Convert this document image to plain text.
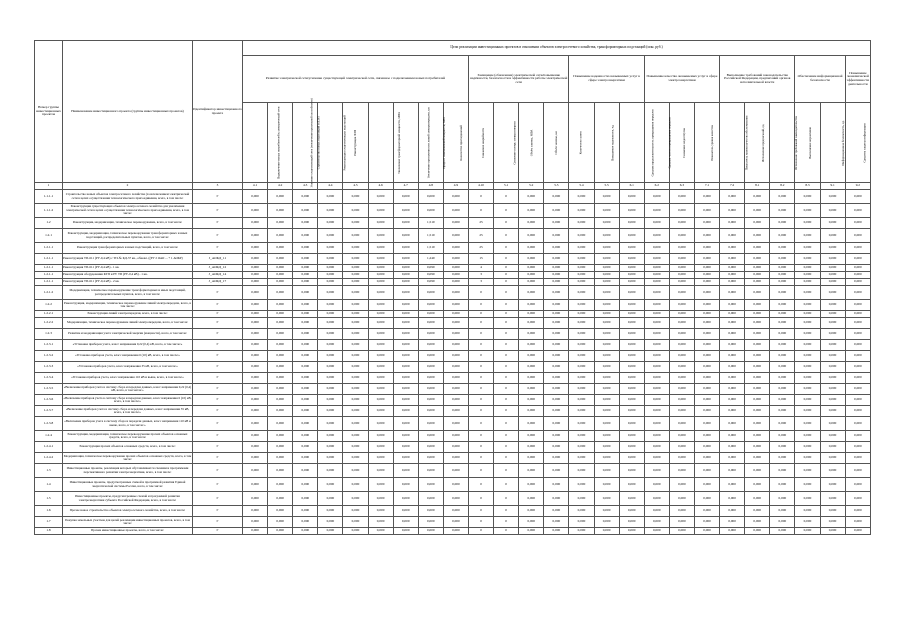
Номер группы инвестиционных проектов	Наименование инвестиционного проекта (группы инвестиционных проектов)	Идентификатор инвестиционного проекта	Цели реализации инвестиционных проектов в отношении объектов электросетевого хозяйства, трансформаторных подстанций (млн. руб.)																								
			Развитие электрической сети/усиление существующей электрической сети, связанное с подключением новых потребителей									Замещение (обновление) электрической сети/повышение надёжности, безопасности и эффективности работы электрической сети				Повышение надежности оказываемых услуг в сфере электроэнергетики			Повышение качества оказываемых услуг в сфере электроэнергетики			Выполнение требований законодательства Российской Федерации, предписаний органов исполнительной власти			Обеспечение информационной безопасности		Повышение экономической эффективности деятельности
			Подключение новых потребителей к электрической сети	Усиление существующей сети (увеличение пропускной способности)	Строительство новых подстанций и ЛЭП	Реконструкция существующих подстанций	Реконструкция ЛЭП	Увеличение трансформаторной мощности, МВА	Увеличение протяженности линий электропередачи, км	Прирост максимальной мощности, МВт	Количество присоединений	Снижение аварийности	Снижение потерь электроэнергии	Объём замены, МВА	Объём замены, км	Количество замен	Повышение надежности, ед.	Средняя продолжительность прекращения передачи	Средняя частота прекращения передачи	Снижение недоотпуска	Показатель уровня качества	Показатель уровня качества обслуживания	Исполнение предписаний, ед.	Исполнение требований законодательства	Выполнение нормативов	Информационная безопасность, ед.	Средства защиты информации
1	2	3	4.1	4.2	4.3	4.4	4.5	4.6	4.7	4.8	4.9	4.10	5.1	5.2	5.3	5.4	5.5	6.1	6.2	6.3	7.1	7.2	8.1	8.2	8.3	9.1	9.2
1.1.1.1	Строительство новых объектов электросетевого хозяйства (за исключением электрической сети в целях осуществления технологического присоединения, всего, в том числе:	Г	0,000	0,000	0,000	0,000	0,000	0,000	0,000	0,000	0,000	0	0	0,000	0,000	0,000	0,000	0,000	0,000	0,000	0,000	0,000	0,000	0,000	0,000	0,000	0,000
1.1.1.2	Реконструкция существующих объектов электросетевого хозяйства для увеличения электрической сети в целях осуществления технологического присоединения, всего, в том числе:	Г	0,000	0,000	0,000	0,000	0,000	0,000	0,000	0,000	0,000	0	0	0,000	0,000	0,000	0,000	0,000	0,000	0,000	0,000	0,000	0,000	0,000	0,000	0,000	0,000
1.2	Реконструкция, модернизация, техническое перевооружение, всего, в том числе:	Г	0,000	0,000	0,000	0,000	0,000	0,000	0,000	1,510	0,000	25	0	0,000	0,000	0,000	0,000	0,000	0,000	0,000	0,000	0,000	0,000	0,000	0,000	0,000	0,000
1.2.1	Реконструкция, модернизация, техническое перевооружение трансформаторных и иных подстанций, распределительных пунктов, всего, в том числе:	Г	0,000	0,000	0,000	0,000	0,000	0,000	0,000	1,510	0,000	25	0	0,000	0,000	0,000	0,000	0,000	0,000	0,000	0,000	0,000	0,000	0,000	0,000	0,000	0,000
1.2.1.1	Реконструкция трансформаторных и иных подстанций, всего, в том числе:	Г	0,000	0,000	0,000	0,000	0,000	0,000	0,000	1,510	0,000	25	0	0,000	0,000	0,000	0,000	0,000	0,000	0,000	0,000	0,000	0,000	0,000	0,000	0,000	0,000
1.2.1.1	Реконструкция ТП-611 (РУ-0,4 кВ) с ТП-№ КД-37 кв., обновл. ((РУ 2 ОАО ... + 1 АОКР)	J_АОКД_11	0,000	0,000	0,000	0,000	0,000	0,000	0,000	1,240	0,000	15	0	0,000	0,000	0,000	0,000	0,000	0,000	0,000	0,000	0,000	0,000	0,000	0,000	0,000	0,000
1.2.1.1	Реконструкция ТП-611 (РУ-0,4 кВ) - 1 кв.	J_АОКД_12	0,000	0,000	0,000	0,000	0,000	0,000	0,000	0,090	0,000	4	0	0,000	0,000	0,000	0,000	0,000	0,000	0,000	0,000	0,000	0,000	0,000	0,000	0,000	0,000
1.2.1.1	Реконструкция оборудования КТП и РУ ТП (РУ-0,4 кВ) - 1 кв.	J_АОКД_14	0,000	0,000	0,000	0,000	0,000	0,000	0,000	0,090	0,000	3	0	0,000	0,000	0,000	0,000	0,000	0,000	0,000	0,000	0,000	0,000	0,000	0,000	0,000	0,000
1.2.1.1	Реконструкция ТП-611 (РУ-0,4 кВ) - 2 кв.	J_АОКД_17	0,000	0,000	0,000	0,000	0,000	0,000	0,000	0,090	0,000	3	0	0,000	0,000	0,000	0,000	0,000	0,000	0,000	0,000	0,000	0,000	0,000	0,000	0,000	0,000
1.2.1.2	Модернизация, техническое перевооружение трансформаторных и иных подстанций, распределительных пунктов, всего, в том числе:	Г	0,000	0,000	0,000	0,000	0,000	0,000	0,000	0,000	0,000	0	0	0,000	0,000	0,000	0,000	0,000	0,000	0,000	0,000	0,000	0,000	0,000	0,000	0,000	0,000
1.2.2	Реконструкция, модернизация, техническое перевооружение линий электропередачи, всего, в том числе:	Г	0,000	0,000	0,000	0,000	0,000	0,000	0,000	0,000	0,000	0	0	0,000	0,000	0,000	0,000	0,000	0,000	0,000	0,000	0,000	0,000	0,000	0,000	0,000	0,000
1.2.2.1	Реконструкция линий электропередачи, всего, в том числе:	Г	0,000	0,000	0,000	0,000	0,000	0,000	0,000	0,000	0,000	0	0	0,000	0,000	0,000	0,000	0,000	0,000	0,000	0,000	0,000	0,000	0,000	0,000	0,000	0,000
1.2.2.2	Модернизация, техническое перевооружение линий электропередачи, всего, в том числе:	Г	0,000	0,000	0,000	0,000	0,000	0,000	0,000	0,000	0,000	0	0	0,000	0,000	0,000	0,000	0,000	0,000	0,000	0,000	0,000	0,000	0,000	0,000	0,000	0,000
1.2.3	Развитие и модернизация учета электрической энергии (мощности), всего, в том числе:	Г	0,000	0,000	0,000	0,000	0,000	0,000	0,000	0,000	0,000	0	0	0,000	0,000	0,000	0,000	0,000	0,000	0,000	0,000	0,000	0,000	0,000	0,000	0,000	0,000
1.2.3.1	«Установка приборов учета, класс напряжения 0,22 (0,4) кВ, всего, в том числе:»	Г	0,000	0,000	0,000	0,000	0,000	0,000	0,000	0,000	0,000	0	0	0,000	0,000	0,000	0,000	0,000	0,000	0,000	0,000	0,000	0,000	0,000	0,000	0,000	0,000
1.2.3.2	«Установка приборов учета, класс напряжения 6 (10) кВ, всего, в том числе:»	Г	0,000	0,000	0,000	0,000	0,000	0,000	0,000	0,000	0,000	0	0	0,000	0,000	0,000	0,000	0,000	0,000	0,000	0,000	0,000	0,000	0,000	0,000	0,000	0,000
1.2.3.3	«Установка приборов учета, класс напряжения 35 кВ, всего, в том числе:»	Г	0,000	0,000	0,000	0,000	0,000	0,000	0,000	0,000	0,000	0	0	0,000	0,000	0,000	0,000	0,000	0,000	0,000	0,000	0,000	0,000	0,000	0,000	0,000	0,000
1.2.3.4	«Установка приборов учета, класс напряжения 110 кВ и выше, всего, в том числе:»	Г	0,000	0,000	0,000	0,000	0,000	0,000	0,000	0,000	0,000	0	0	0,000	0,000	0,000	0,000	0,000	0,000	0,000	0,000	0,000	0,000	0,000	0,000	0,000	0,000
1.2.3.5	«Включение приборов учета в систему сбора и передачи данных, класс напряжения 0,22 (0,4) кВ, всего, в том числе:»	Г	0,000	0,000	0,000	0,000	0,000	0,000	0,000	0,000	0,000	0	0	0,000	0,000	0,000	0,000	0,000	0,000	0,000	0,000	0,000	0,000	0,000	0,000	0,000	0,000
1.2.3.6	«Включение приборов учета в систему сбора и передачи данных, класс напряжения 6 (10) кВ, всего, в том числе:»	Г	0,000	0,000	0,000	0,000	0,000	0,000	0,000	0,000	0,000	0	0	0,000	0,000	0,000	0,000	0,000	0,000	0,000	0,000	0,000	0,000	0,000	0,000	0,000	0,000
1.2.3.7	«Включение приборов учета в систему сбора и передачи данных, класс напряжения 35 кВ, всего, в том числе:»	Г	0,000	0,000	0,000	0,000	0,000	0,000	0,000	0,000	0,000	0	0	0,000	0,000	0,000	0,000	0,000	0,000	0,000	0,000	0,000	0,000	0,000	0,000	0,000	0,000
1.2.3.8	«Включение приборов учета в систему сбора и передачи данных, класс напряжения 110 кВ и выше, всего, в том числе:»	Г	0,000	0,000	0,000	0,000	0,000	0,000	0,000	0,000	0,000	0	0	0,000	0,000	0,000	0,000	0,000	0,000	0,000	0,000	0,000	0,000	0,000	0,000	0,000	0,000
1.2.4	Реконструкция, модернизация, техническое перевооружение прочих объектов основных средств, всего, в том числе:	Г	0,000	0,000	0,000	0,000	0,000	0,000	0,000	0,000	0,000	0	0	0,000	0,000	0,000	0,000	0,000	0,000	0,000	0,000	0,000	0,000	0,000	0,000	0,000	0,000
1.2.4.1	Реконструкция прочих объектов основных средств, всего, в том числе:	Г	0,000	0,000	0,000	0,000	0,000	0,000	0,000	0,000	0,000	0	0	0,000	0,000	0,000	0,000	0,000	0,000	0,000	0,000	0,000	0,000	0,000	0,000	0,000	0,000
1.2.4.2	Модернизация, техническое перевооружение прочих объектов основных средств, всего, в том числе:	Г	0,000	0,000	0,000	0,000	0,000	0,000	0,000	0,000	0,000	0	0	0,000	0,000	0,000	0,000	0,000	0,000	0,000	0,000	0,000	0,000	0,000	0,000	0,000	0,000
1.3	Инвестиционные проекты, реализация которых обуславливается схемами и программами перспективного развития электроэнергетики, всего, в том числе:	Г	0,000	0,000	0,000	0,000	0,000	0,000	0,000	0,000	0,000	0	0	0,000	0,000	0,000	0,000	0,000	0,000	0,000	0,000	0,000	0,000	0,000	0,000	0,000	0,000
1.4	Инвестиционные проекты, предусмотренные схемой и программой развития Единой энергетической системы России, всего, в том числе:	Г	0,000	0,000	0,000	0,000	0,000	0,000	0,000	0,000	0,000	0	0	0,000	0,000	0,000	0,000	0,000	0,000	0,000	0,000	0,000	0,000	0,000	0,000	0,000	0,000
1.5	Инвестиционные проекты, предусмотренные схемой и программой развития электроэнергетики субъекта Российской Федерации, всего, в том числе:	Г	0,000	0,000	0,000	0,000	0,000	0,000	0,000	0,000	0,000	0	0	0,000	0,000	0,000	0,000	0,000	0,000	0,000	0,000	0,000	0,000	0,000	0,000	0,000	0,000
1.6	Прочее новое строительство объектов электросетевого хозяйства, всего, в том числе:	Г	0,000	0,000	0,000	0,000	0,000	0,000	0,000	0,000	0,000	0	0	0,000	0,000	0,000	0,000	0,000	0,000	0,000	0,000	0,000	0,000	0,000	0,000	0,000	0,000
1.7	Покупка земельных участков для целей реализации инвестиционных проектов, всего, в том числе:	Г	0,000	0,000	0,000	0,000	0,000	0,000	0,000	0,000	0,000	0	0	0,000	0,000	0,000	0,000	0,000	0,000	0,000	0,000	0,000	0,000	0,000	0,000	0,000	0,000
1.8	Прочие инвестиционные проекты, всего, в том числе:	Г	0,000	0,000	0,000	0,000	0,000	0,000	0,000	0,000	0,000	0	0	0,000	0,000	0,000	0,000	0,000	0,000	0,000	0,000	0,000	0,000	0,000	0,000	0,000	0,000
